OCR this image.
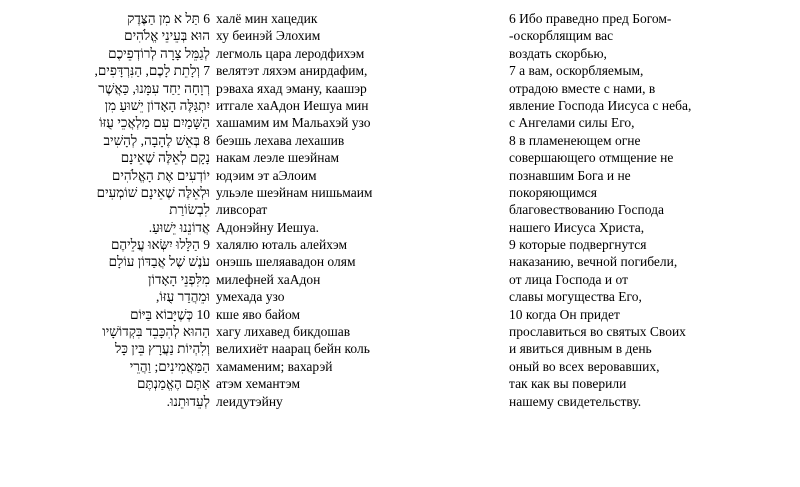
6 תַּל א מִן הַצֶּדֶק
הוּא בְּעֵינֵי אֱלֹהִים
לְגַמֵּל צָרָה לְרוֹדְפֵיכֶם
7 וְלָתֵת לָכֶם, הַנִּרְדָּפִים,
רְוָחָה יַחַד עִמָּנוּ, כַּאֲשֶׁר
יִתְגַּלֶּה הָאָדוֹן יֵשׁוּעַ מִן
הַשָּׁמַיִם עִם מַלְאֲכֵי עֻזּוֹ
8 בְּאֵשׁ לֶהָבָה, לְהָשִׁיב
נָקָם לְאֵלֶּה שֶׁאֵינָם
יוֹדְעִים אֶת הָאֱלֹהִים
וּלְאֵלֶּה שֶׁאֵינָם שׁוֹמְעִים
לִבְשׂוֹרַת
אֲדוֹנֵנוּ יֵשׁוּעַ.
9 הַלָּלוּ יִשְּׂאוּ עֲלֵיהֶם
עֹנֶשׁ שֶׁל אֲבַדּוֹן עוֹלָם
מִלִּפְנֵי הָאָדוֹן
וּמֵהֲדַר עֻזּוֹ,
10 כְּשֶׁיָּבוֹא בַּיּוֹם
הַהוּא לְהִכָּבֵד בִּקְדוֹשָׁיו
וְלִהְיוֹת נַעֲרָץ בֵּין כָּל
הַמַּאֲמִינִים; וַהֲרֵי
אַתֶּם הֶאֱמַנְתֶּם
לְעֵדוּתֵנוּ.
халё мин хацедик
ху беинэй Элохим
легмоль цара леродфихэм
велятэт ляхэм анирдафим,
рэваха яхад эману, каашэр
итгале хаАдон Иешуа мин
хашамим им Мальахэй узо
беэшь лехава лехашив
накам леэле шеэйнам
юдэим эт аЭлоим
ульэле шеэйнам нишьмаим
ливсорат
Адонэйну Иешуа.
халялю юталь алейхэм
онэшь шеляавадон олям
милефней хаАдон
умехада узо
кше яво байом
хагу лихавед бикдошав
велихиёт наарац бейн коль
хамаменим; вахарэй
атэм хемантэм
леидутэйну
6 Ибо праведно пред Богом-
-оскорблящим вас
воздать скорбью,
7 а вам, оскорбляемым,
отрадою вместе с нами, в
явление Господа Иисуса с неба,
с Ангелами силы Его,
8 в пламенеющем огне
совершающего отмщение не
познавшим Бога и не
покоряющимся
благовествованию Господа
нашего Иисуса Христа,
9 которые подвергнутся
наказанию, вечной погибели,
от лица Господа и от
славы могущества Его,
10 когда Он придет
прославиться во святых Своих
и явиться дивным в день
оный во всех веровавших,
так как вы поверили
нашему свидетельству.
